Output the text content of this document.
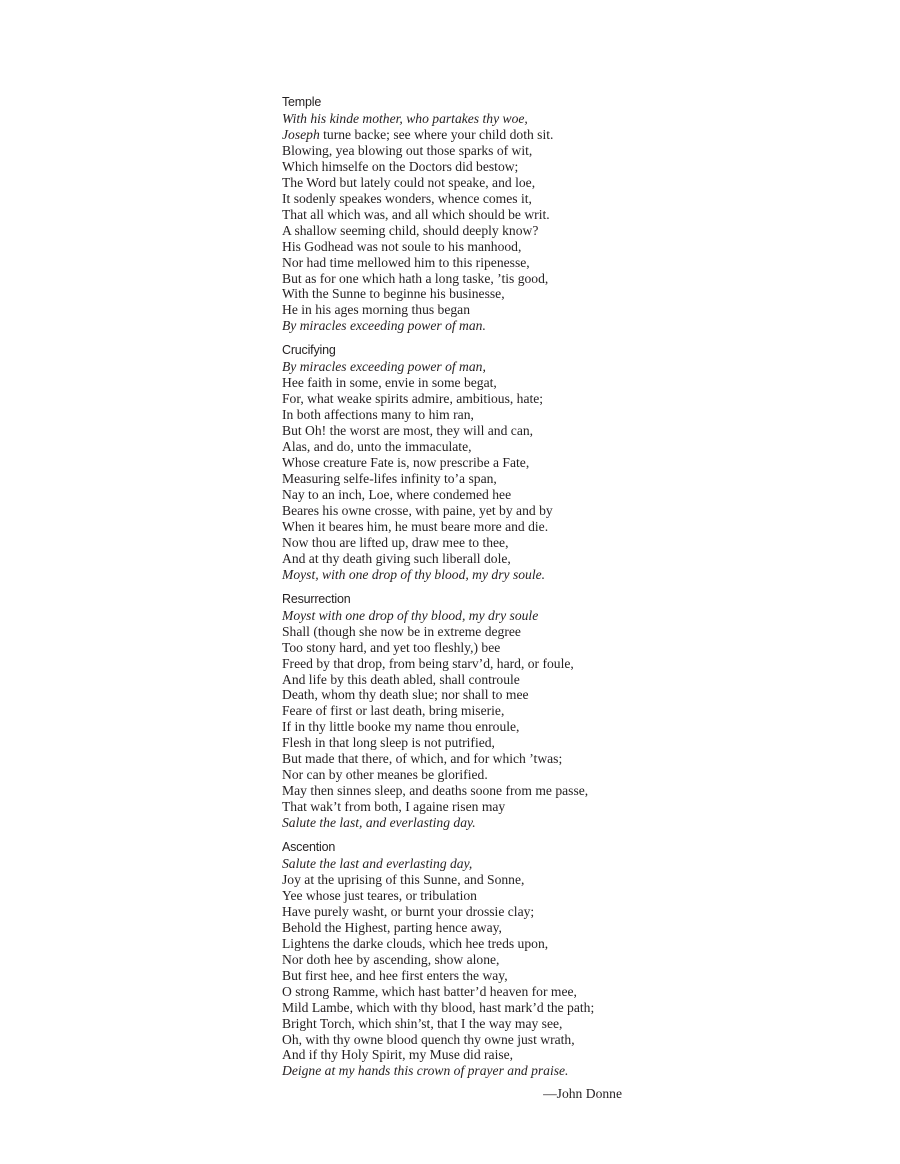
Temple
With his kinde mother, who partakes thy woe,
Joseph turne backe; see where your child doth sit.
Blowing, yea blowing out those sparks of wit,
Which himselfe on the Doctors did bestow;
The Word but lately could not speake, and loe,
It sodenly speakes wonders, whence comes it,
That all which was, and all which should be writ.
A shallow seeming child, should deeply know?
His Godhead was not soule to his manhood,
Nor had time mellowed him to this ripenesse,
But as for one which hath a long taske, ’tis good,
With the Sunne to beginne his businesse,
He in his ages morning thus began
By miracles exceeding power of man.
Crucifying
By miracles exceeding power of man,
Hee faith in some, envie in some begat,
For, what weake spirits admire, ambitious, hate;
In both affections many to him ran,
But Oh! the worst are most, they will and can,
Alas, and do, unto the immaculate,
Whose creature Fate is, now prescribe a Fate,
Measuring selfe-lifes infinity to’a span,
Nay to an inch, Loe, where condemed hee
Beares his owne crosse, with paine, yet by and by
When it beares him, he must beare more and die.
Now thou are lifted up, draw mee to thee,
And at thy death giving such liberall dole,
Moyst, with one drop of thy blood, my dry soule.
Resurrection
Moyst with one drop of thy blood, my dry soule
Shall (though she now be in extreme degree
Too stony hard, and yet too fleshly,) bee
Freed by that drop, from being starv’d, hard, or foule,
And life by this death abled, shall controule
Death, whom thy death slue; nor shall to mee
Feare of first or last death, bring miserie,
If in thy little booke my name thou enroule,
Flesh in that long sleep is not putrified,
But made that there, of which, and for which ’twas;
Nor can by other meanes be glorified.
May then sinnes sleep, and deaths soone from me passe,
That wak’t from both, I againe risen may
Salute the last, and everlasting day.
Ascention
Salute the last and everlasting day,
Joy at the uprising of this Sunne, and Sonne,
Yee whose just teares, or tribulation
Have purely washt, or burnt your drossie clay;
Behold the Highest, parting hence away,
Lightens the darke clouds, which hee treds upon,
Nor doth hee by ascending, show alone,
But first hee, and hee first enters the way,
O strong Ramme, which hast batter’d heaven for mee,
Mild Lambe, which with thy blood, hast mark’d the path;
Bright Torch, which shin’st, that I the way may see,
Oh, with thy owne blood quench thy owne just wrath,
And if thy Holy Spirit, my Muse did raise,
Deigne at my hands this crown of prayer and praise.
—John Donne
